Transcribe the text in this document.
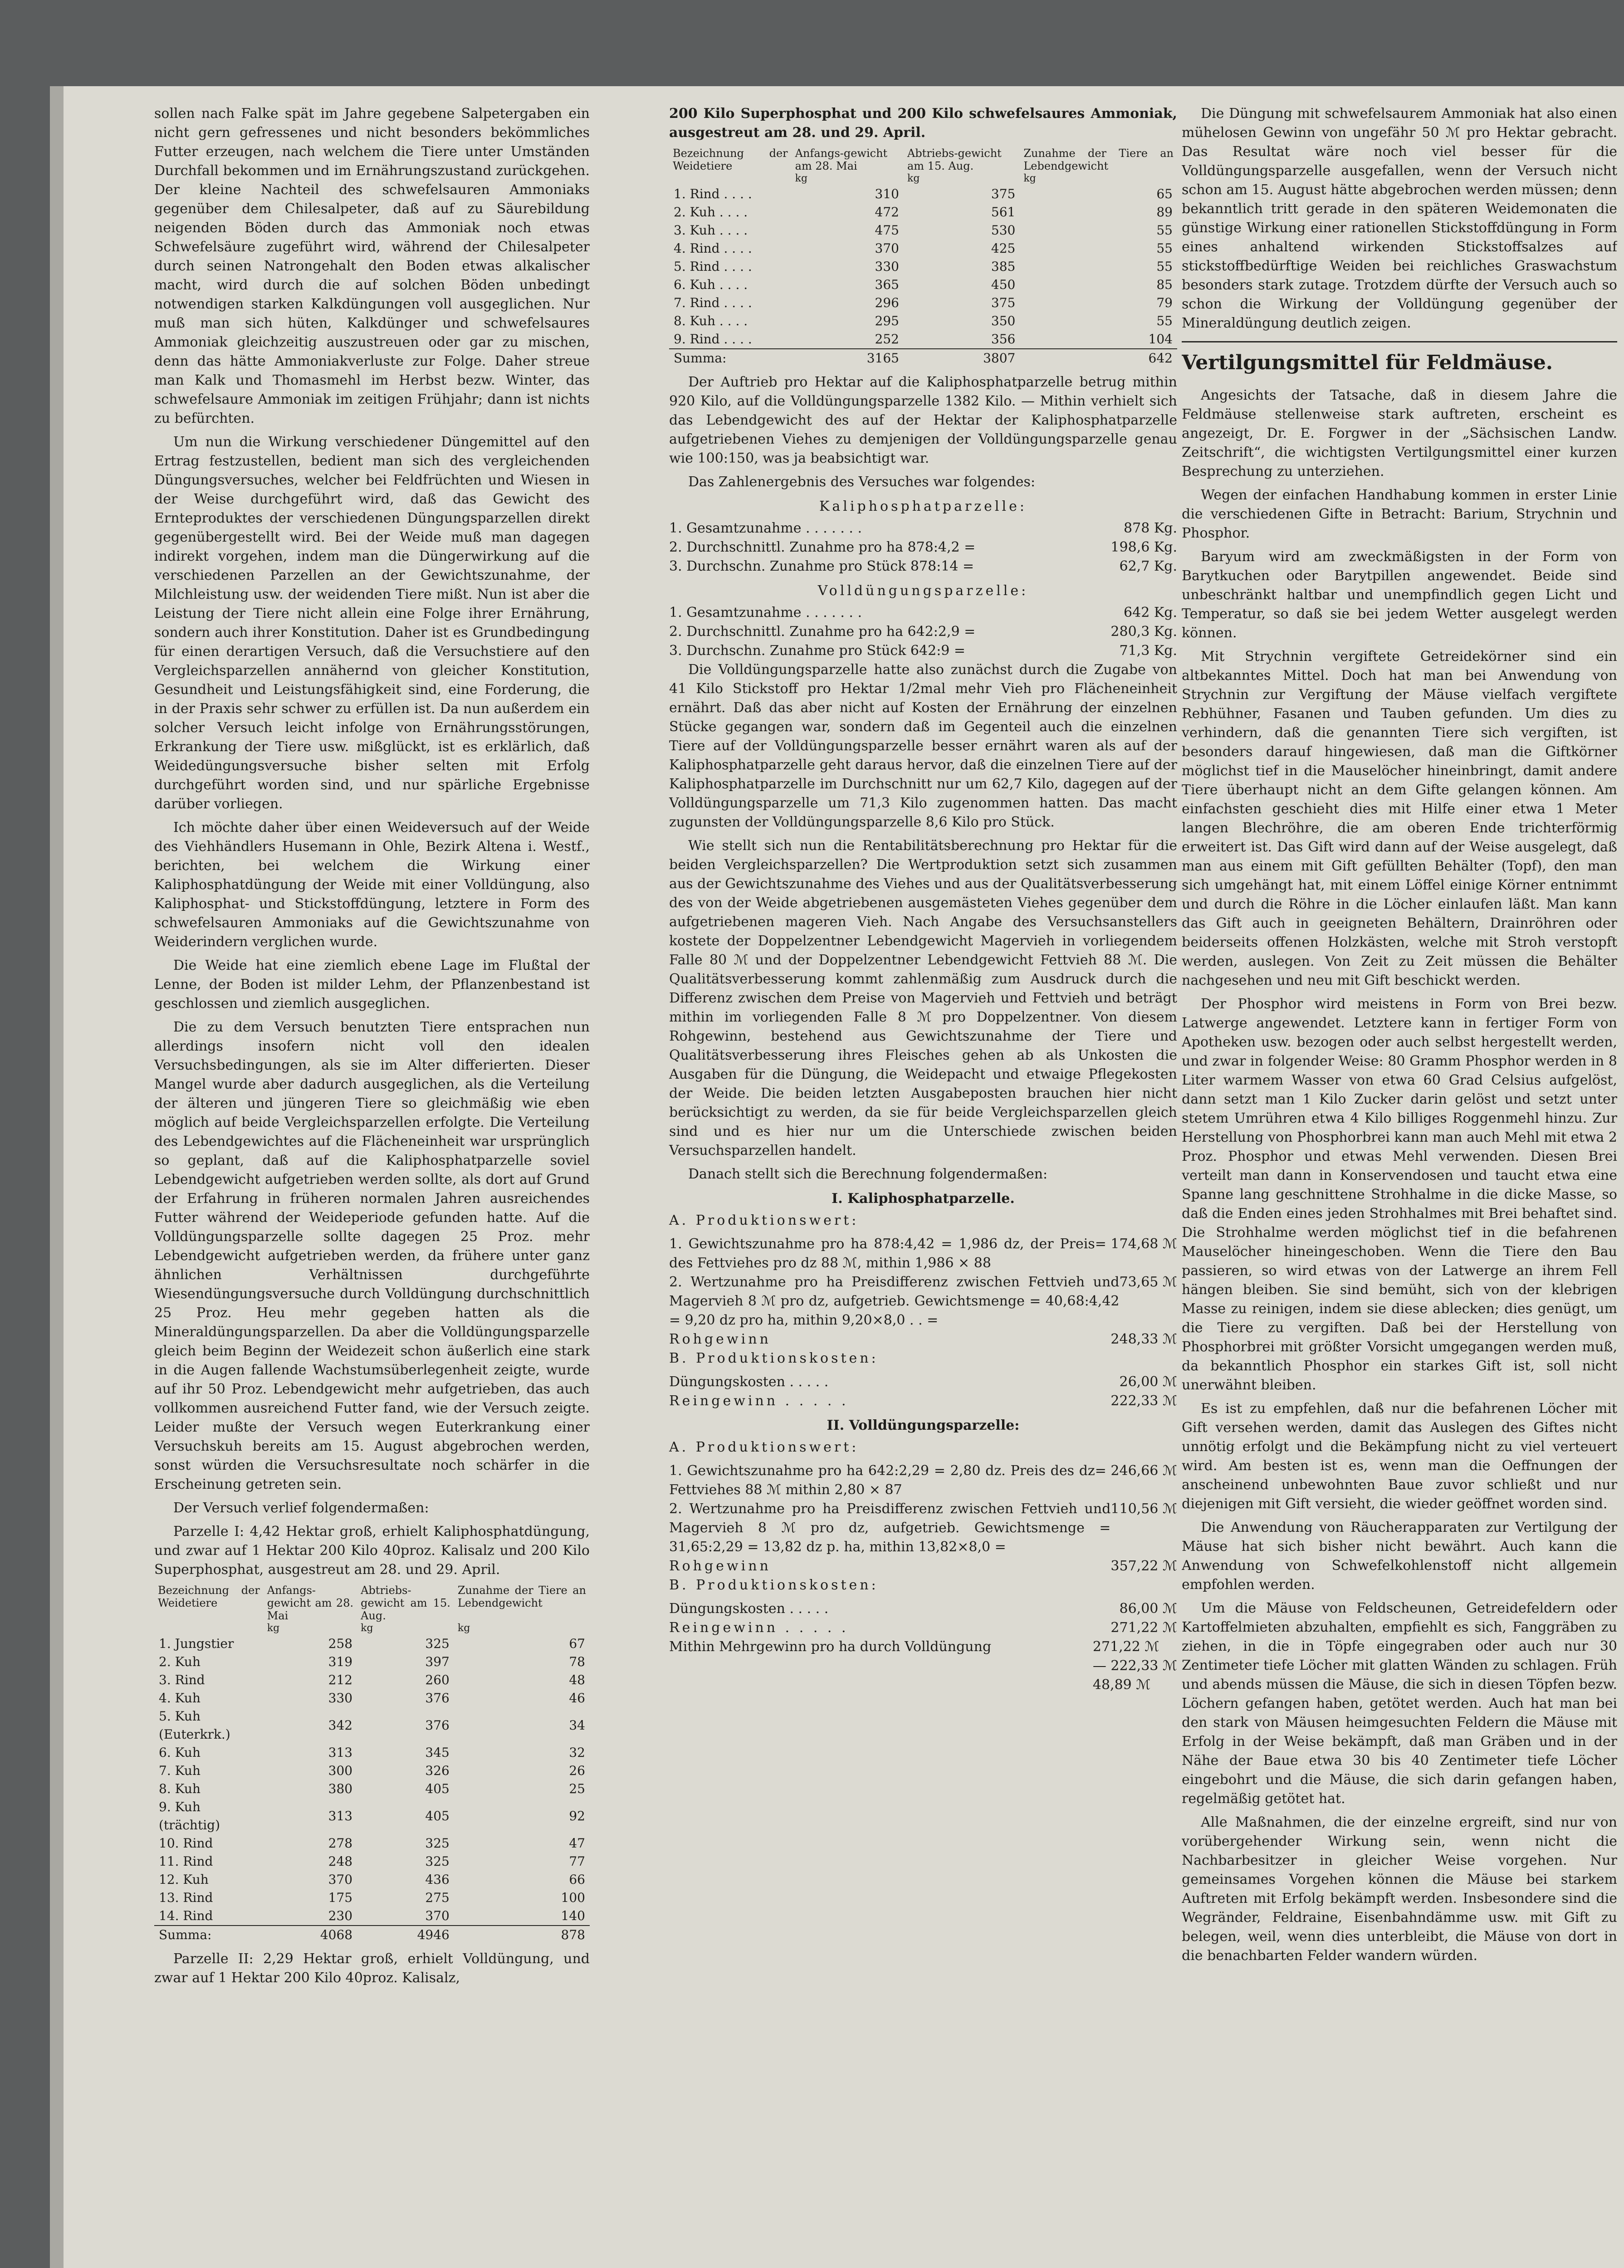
sollen nach Falke spät im Jahre gegebene Salpetergaben ein nicht gern gefressenes und nicht besonders bekömmliches Futter erzeugen, nach welchem die Tiere unter Umständen Durchfall bekommen und im Ernährungszustand zurückgehen. Der kleine Nachteil des schwefelsauren Ammoniaks gegenüber dem Chilesalpeter, daß auf zu Säurebildung neigenden Böden durch das Ammoniak noch etwas Schwefelsäure zugeführt wird, während der Chilesalpeter durch seinen Natrongehalt den Boden etwas alkalischer macht, wird durch die auf solchen Böden unbedingt notwendigen starken Kalkdüngungen voll ausgeglichen. Nur muß man sich hüten, Kalkdünger und schwefelsaures Ammoniak gleichzeitig auszustreuen oder gar zu mischen, denn das hätte Ammoniakverluste zur Folge. Daher streue man Kalk und Thomasmehl im Herbst bezw. Winter, das schwefelsaure Ammoniak im zeitigen Frühjahr; dann ist nichts zu befürchten.

Um nun die Wirkung verschiedener Düngemittel auf den Ertrag festzustellen, bedient man sich des vergleichenden Düngungsversuches, welcher bei Feldfrüchten und Wiesen in der Weise durchgeführt wird, daß das Gewicht des Ernteproduktes der verschiedenen Düngungsparzellen direkt gegenübergestellt wird. Bei der Weide muß man dagegen indirekt vorgehen, indem man die Düngerwirkung auf die verschiedenen Parzellen an der Gewichtszunahme, der Milchleistung usw. der weidenden Tiere mißt. Nun ist aber die Leistung der Tiere nicht allein eine Folge ihrer Ernährung, sondern auch ihrer Konstitution. Daher ist es Grundbedingung für einen derartigen Versuch, daß die Versuchstiere auf den Vergleichsparzellen annähernd von gleicher Konstitution, Gesundheit und Leistungsfähigkeit sind, eine Forderung, die in der Praxis sehr schwer zu erfüllen ist. Da nun außerdem ein solcher Versuch leicht infolge von Ernährungsstörungen, Erkrankung der Tiere usw. mißglückt, ist es erklärlich, daß Weidedüngungsversuche bisher selten mit Erfolg durchgeführt worden sind, und nur spärliche Ergebnisse darüber vorliegen.

Ich möchte daher über einen Weideversuch auf der Weide des Viehhändlers Husemann in Ohle, Bezirk Altena i. Westf., berichten, bei welchem die Wirkung einer Kaliphosphatdüngung der Weide mit einer Volldüngung, also Kaliphosphat- und Stickstoffdüngung, letztere in Form des schwefelsauren Ammoniaks auf die Gewichtszunahme von Weiderindern verglichen wurde.

Die Weide hat eine ziemlich ebene Lage im Flußtal der Lenne, der Boden ist milder Lehm, der Pflanzenbestand ist geschlossen und ziemlich ausgeglichen.

Die zu dem Versuch benutzten Tiere entsprachen nun allerdings insofern nicht voll den idealen Versuchsbedingungen, als sie im Alter differierten. Dieser Mangel wurde aber dadurch ausgeglichen, als die Verteilung der älteren und jüngeren Tiere so gleichmäßig wie eben möglich auf beide Vergleichsparzellen erfolgte. Die Verteilung des Lebendgewichtes auf die Flächeneinheit war ursprünglich so geplant, daß auf die Kaliphosphatparzelle soviel Lebendgewicht aufgetrieben werden sollte, als dort auf Grund der Erfahrung in früheren normalen Jahren ausreichendes Futter während der Weideperiode gefunden hatte. Auf die Volldüngungsparzelle sollte dagegen 25 Proz. mehr Lebendgewicht aufgetrieben werden, da frühere unter ganz ähnlichen Verhältnissen durchgeführte Wiesendüngungsversuche durch Volldüngung durchschnittlich 25 Proz. Heu mehr gegeben hatten als die Mineraldüngungsparzellen. Da aber die Volldüngungsparzelle gleich beim Beginn der Weidezeit schon äußerlich eine stark in die Augen fallende Wachstumsüberlegenheit zeigte, wurde auf ihr 50 Proz. Lebendgewicht mehr aufgetrieben, das auch vollkommen ausreichend Futter fand, wie der Versuch zeigte. Leider mußte der Versuch wegen Euterkrankung einer Versuchskuh bereits am 15. August abgebrochen werden, sonst würden die Versuchsresultate noch schärfer in die Erscheinung getreten sein.

Der Versuch verlief folgendermaßen:

Parzelle I: 4,42 Hektar groß, erhielt Kaliphosphatdüngung, und zwar auf 1 Hektar 200 Kilo 40proz. Kalisalz und 200 Kilo Superphosphat, ausgestreut am 28. und 29. April.

Bezeichnung der Weidetiere	Anfangs-gewicht am 28. Mai	Abtriebs-gewicht am 15. Aug.	Zunahme der Tiere an Lebendgewicht
	kg	kg	kg
1. Jungstier	258	325	67
2. Kuh	319	397	78
3. Rind	212	260	48
4. Kuh	330	376	46
5. Kuh (Euterkrk.)	342	376	34
6. Kuh	313	345	32
7. Kuh	300	326	26
8. Kuh	380	405	25
9. Kuh (trächtig)	313	405	92
10. Rind	278	325	47
11. Rind	248	325	77
12. Kuh	370	436	66
13. Rind	175	275	100
14. Rind	230	370	140
Summa:	4068	4946	878

Parzelle II: 2,29 Hektar groß, erhielt Volldüngung, und zwar auf 1 Hektar 200 Kilo 40proz. Kalisalz,

200 Kilo Superphosphat und 200 Kilo schwefelsaures Ammoniak, ausgestreut am 28. und 29. April.

Bezeichnung der Weidetiere	Anfangs-gewicht am 28. Mai	Abtriebs-gewicht am 15. Aug.	Zunahme der Tiere an Lebendgewicht
	kg	kg	kg
1. Rind . . . .	310	375	65
2. Kuh . . . .	472	561	89
3. Kuh . . . .	475	530	55
4. Rind . . . .	370	425	55
5. Rind . . . .	330	385	55
6. Kuh . . . .	365	450	85
7. Rind . . . .	296	375	79
8. Kuh . . . .	295	350	55
9. Rind . . . .	252	356	104
Summa:	3165	3807	642

Der Auftrieb pro Hektar auf die Kaliphosphatparzelle betrug mithin 920 Kilo, auf die Volldüngungsparzelle 1382 Kilo. — Mithin verhielt sich das Lebendgewicht des auf der Hektar der Kaliphosphatparzelle aufgetriebenen Viehes zu demjenigen der Volldüngungsparzelle genau wie 100:150, was ja beabsichtigt war.

Das Zahlenergebnis des Versuches war folgendes:

Kaliphosphatparzelle:

1. Gesamtzunahme . . . . . . .	878 Kg.
2. Durchschnittl. Zunahme pro ha 878:4,2 =	198,6 Kg.
3. Durchschn. Zunahme pro Stück 878:14 =	62,7 Kg.

Volldüngungsparzelle:

1. Gesamtzunahme . . . . . . .	642 Kg.
2. Durchschnittl. Zunahme pro ha 642:2,9 =	280,3 Kg.
3. Durchschn. Zunahme pro Stück 642:9 =	71,3 Kg.

Die Volldüngungsparzelle hatte also zunächst durch die Zugabe von 41 Kilo Stickstoff pro Hektar 1/2mal mehr Vieh pro Flächeneinheit ernährt. Daß das aber nicht auf Kosten der Ernährung der einzelnen Stücke gegangen war, sondern daß im Gegenteil auch die einzelnen Tiere auf der Volldüngungsparzelle besser ernährt waren als auf der Kaliphosphatparzelle geht daraus hervor, daß die einzelnen Tiere auf der Kaliphosphatparzelle im Durchschnitt nur um 62,7 Kilo, dagegen auf der Volldüngungsparzelle um 71,3 Kilo zugenommen hatten. Das macht zugunsten der Volldüngungsparzelle 8,6 Kilo pro Stück.

Wie stellt sich nun die Rentabilitätsberechnung pro Hektar für die beiden Vergleichsparzellen? Die Wertproduktion setzt sich zusammen aus der Gewichtszunahme des Viehes und aus der Qualitätsverbesserung des von der Weide abgetriebenen ausgemästeten Viehes gegenüber dem aufgetriebenen mageren Vieh. Nach Angabe des Versuchsanstellers kostete der Doppelzentner Lebendgewicht Magervieh in vorliegendem Falle 80 ℳ und der Doppelzentner Lebendgewicht Fettvieh 88 ℳ. Die Qualitätsverbesserung kommt zahlenmäßig zum Ausdruck durch die Differenz zwischen dem Preise von Magervieh und Fettvieh und beträgt mithin im vorliegenden Falle 8 ℳ pro Doppelzentner. Von diesem Rohgewinn, bestehend aus Gewichtszunahme der Tiere und Qualitätsverbesserung ihres Fleisches gehen ab als Unkosten die Ausgaben für die Düngung, die Weidepacht und etwaige Pflegekosten der Weide. Die beiden letzten Ausgabeposten brauchen hier nicht berücksichtigt zu werden, da sie für beide Vergleichsparzellen gleich sind und es hier nur um die Unterschiede zwischen beiden Versuchsparzellen handelt.

Danach stellt sich die Berechnung folgendermaßen:

I. Kaliphosphatparzelle.

A. Produktionswert:

1. Gewichtszunahme pro ha 878:4,42 = 1,986 dz, der Preis des Fettviehes pro dz 88 ℳ, mithin 1,986 × 88
= 174,68 ℳ
2. Wertzunahme pro ha Preisdifferenz zwischen Fettvieh und Magervieh 8 ℳ pro dz, aufgetrieb. Gewichtsmenge = 40,68:4,42 = 9,20 dz pro ha, mithin 9,20×8,0 . . =
73,65 ℳ
Rohgewinn	248,33 ℳ

B. Produktionskosten:

Düngungskosten . . . . .	26,00 ℳ
Reingewinn . . . . .	222,33 ℳ

II. Volldüngungsparzelle:

A. Produktionswert:

1. Gewichtszunahme pro ha 642:2,29 = 2,80 dz. Preis des dz Fettviehes 88 ℳ mithin 2,80 × 87
= 246,66 ℳ
2. Wertzunahme pro ha Preisdifferenz zwischen Fettvieh und Magervieh 8 ℳ pro dz, aufgetrieb. Gewichtsmenge = 31,65:2,29 = 13,82 dz p. ha, mithin 13,82×8,0 =
110,56 ℳ
Rohgewinn	357,22 ℳ

B. Produktionskosten:

Düngungskosten . . . . .	86,00 ℳ
Reingewinn . . . . .	271,22 ℳ
Mithin Mehrgewinn pro ha durch Volldüngung	271,22 ℳ
— 222,33 ℳ
48,89 ℳ

Die Düngung mit schwefelsaurem Ammoniak hat also einen mühelosen Gewinn von ungefähr 50 ℳ pro Hektar gebracht. Das Resultat wäre noch viel besser für die Volldüngungsparzelle ausgefallen, wenn der Versuch nicht schon am 15. August hätte abgebrochen werden müssen; denn bekanntlich tritt gerade in den späteren Weidemonaten die günstige Wirkung einer rationellen Stickstoffdüngung in Form eines anhaltend wirkenden Stickstoffsalzes auf stickstoffbedürftige Weiden bei reichliches Graswachstum besonders stark zutage. Trotzdem dürfte der Versuch auch so schon die Wirkung der Volldüngung gegenüber der Mineraldüngung deutlich zeigen.

Vertilgungsmittel für Feldmäuse.

Angesichts der Tatsache, daß in diesem Jahre die Feldmäuse stellenweise stark auftreten, erscheint es angezeigt, Dr. E. Forgwer in der „Sächsischen Landw. Zeitschrift“, die wichtigsten Vertilgungsmittel einer kurzen Besprechung zu unterziehen.

Wegen der einfachen Handhabung kommen in erster Linie die verschiedenen Gifte in Betracht: Barium, Strychnin und Phosphor.

Baryum wird am zweckmäßigsten in der Form von Barytkuchen oder Barytpillen angewendet. Beide sind unbeschränkt haltbar und unempfindlich gegen Licht und Temperatur, so daß sie bei jedem Wetter ausgelegt werden können.

Mit Strychnin vergiftete Getreidekörner sind ein altbekanntes Mittel. Doch hat man bei Anwendung von Strychnin zur Vergiftung der Mäuse vielfach vergiftete Rebhühner, Fasanen und Tauben gefunden. Um dies zu verhindern, daß die genannten Tiere sich vergiften, ist besonders darauf hingewiesen, daß man die Giftkörner möglichst tief in die Mauselöcher hineinbringt, damit andere Tiere überhaupt nicht an dem Gifte gelangen können. Am einfachsten geschieht dies mit Hilfe einer etwa 1 Meter langen Blechröhre, die am oberen Ende trichterförmig erweitert ist. Das Gift wird dann auf der Weise ausgelegt, daß man aus einem mit Gift gefüllten Behälter (Topf), den man sich umgehängt hat, mit einem Löffel einige Körner entnimmt und durch die Röhre in die Löcher einlaufen läßt. Man kann das Gift auch in geeigneten Behältern, Drainröhren oder beiderseits offenen Holzkästen, welche mit Stroh verstopft werden, auslegen. Von Zeit zu Zeit müssen die Behälter nachgesehen und neu mit Gift beschickt werden.

Der Phosphor wird meistens in Form von Brei bezw. Latwerge angewendet. Letztere kann in fertiger Form von Apotheken usw. bezogen oder auch selbst hergestellt werden, und zwar in folgender Weise: 80 Gramm Phosphor werden in 8 Liter warmem Wasser von etwa 60 Grad Celsius aufgelöst, dann setzt man 1 Kilo Zucker darin gelöst und setzt unter stetem Umrühren etwa 4 Kilo billiges Roggenmehl hinzu. Zur Herstellung von Phosphorbrei kann man auch Mehl mit etwa 2 Proz. Phosphor und etwas Mehl verwenden. Diesen Brei verteilt man dann in Konservendosen und taucht etwa eine Spanne lang geschnittene Strohhalme in die dicke Masse, so daß die Enden eines jeden Strohhalmes mit Brei behaftet sind. Die Strohhalme werden möglichst tief in die befahrenen Mauselöcher hineingeschoben. Wenn die Tiere den Bau passieren, so wird etwas von der Latwerge an ihrem Fell hängen bleiben. Sie sind bemüht, sich von der klebrigen Masse zu reinigen, indem sie diese ablecken; dies genügt, um die Tiere zu vergiften. Daß bei der Herstellung von Phosphorbrei mit größter Vorsicht umgegangen werden muß, da bekanntlich Phosphor ein starkes Gift ist, soll nicht unerwähnt bleiben.

Es ist zu empfehlen, daß nur die befahrenen Löcher mit Gift versehen werden, damit das Auslegen des Giftes nicht unnötig erfolgt und die Bekämpfung nicht zu viel verteuert wird. Am besten ist es, wenn man die Oeffnungen der anscheinend unbewohnten Baue zuvor schließt und nur diejenigen mit Gift versieht, die wieder geöffnet worden sind.

Die Anwendung von Räucherapparaten zur Vertilgung der Mäuse hat sich bisher nicht bewährt. Auch kann die Anwendung von Schwefelkohlenstoff nicht allgemein empfohlen werden.

Um die Mäuse von Feldscheunen, Getreidefeldern oder Kartoffelmieten abzuhalten, empfiehlt es sich, Fanggräben zu ziehen, in die in Töpfe eingegraben oder auch nur 30 Zentimeter tiefe Löcher mit glatten Wänden zu schlagen. Früh und abends müssen die Mäuse, die sich in diesen Töpfen bezw. Löchern gefangen haben, getötet werden. Auch hat man bei den stark von Mäusen heimgesuchten Feldern die Mäuse mit Erfolg in der Weise bekämpft, daß man Gräben und in der Nähe der Baue etwa 30 bis 40 Zentimeter tiefe Löcher eingebohrt und die Mäuse, die sich darin gefangen haben, regelmäßig getötet hat.

Alle Maßnahmen, die der einzelne ergreift, sind nur von vorübergehender Wirkung sein, wenn nicht die Nachbarbesitzer in gleicher Weise vorgehen. Nur gemeinsames Vorgehen können die Mäuse bei starkem Auftreten mit Erfolg bekämpft werden. Insbesondere sind die Wegränder, Feldraine, Eisenbahndämme usw. mit Gift zu belegen, weil, wenn dies unterbleibt, die Mäuse von dort in die benachbarten Felder wandern würden.
